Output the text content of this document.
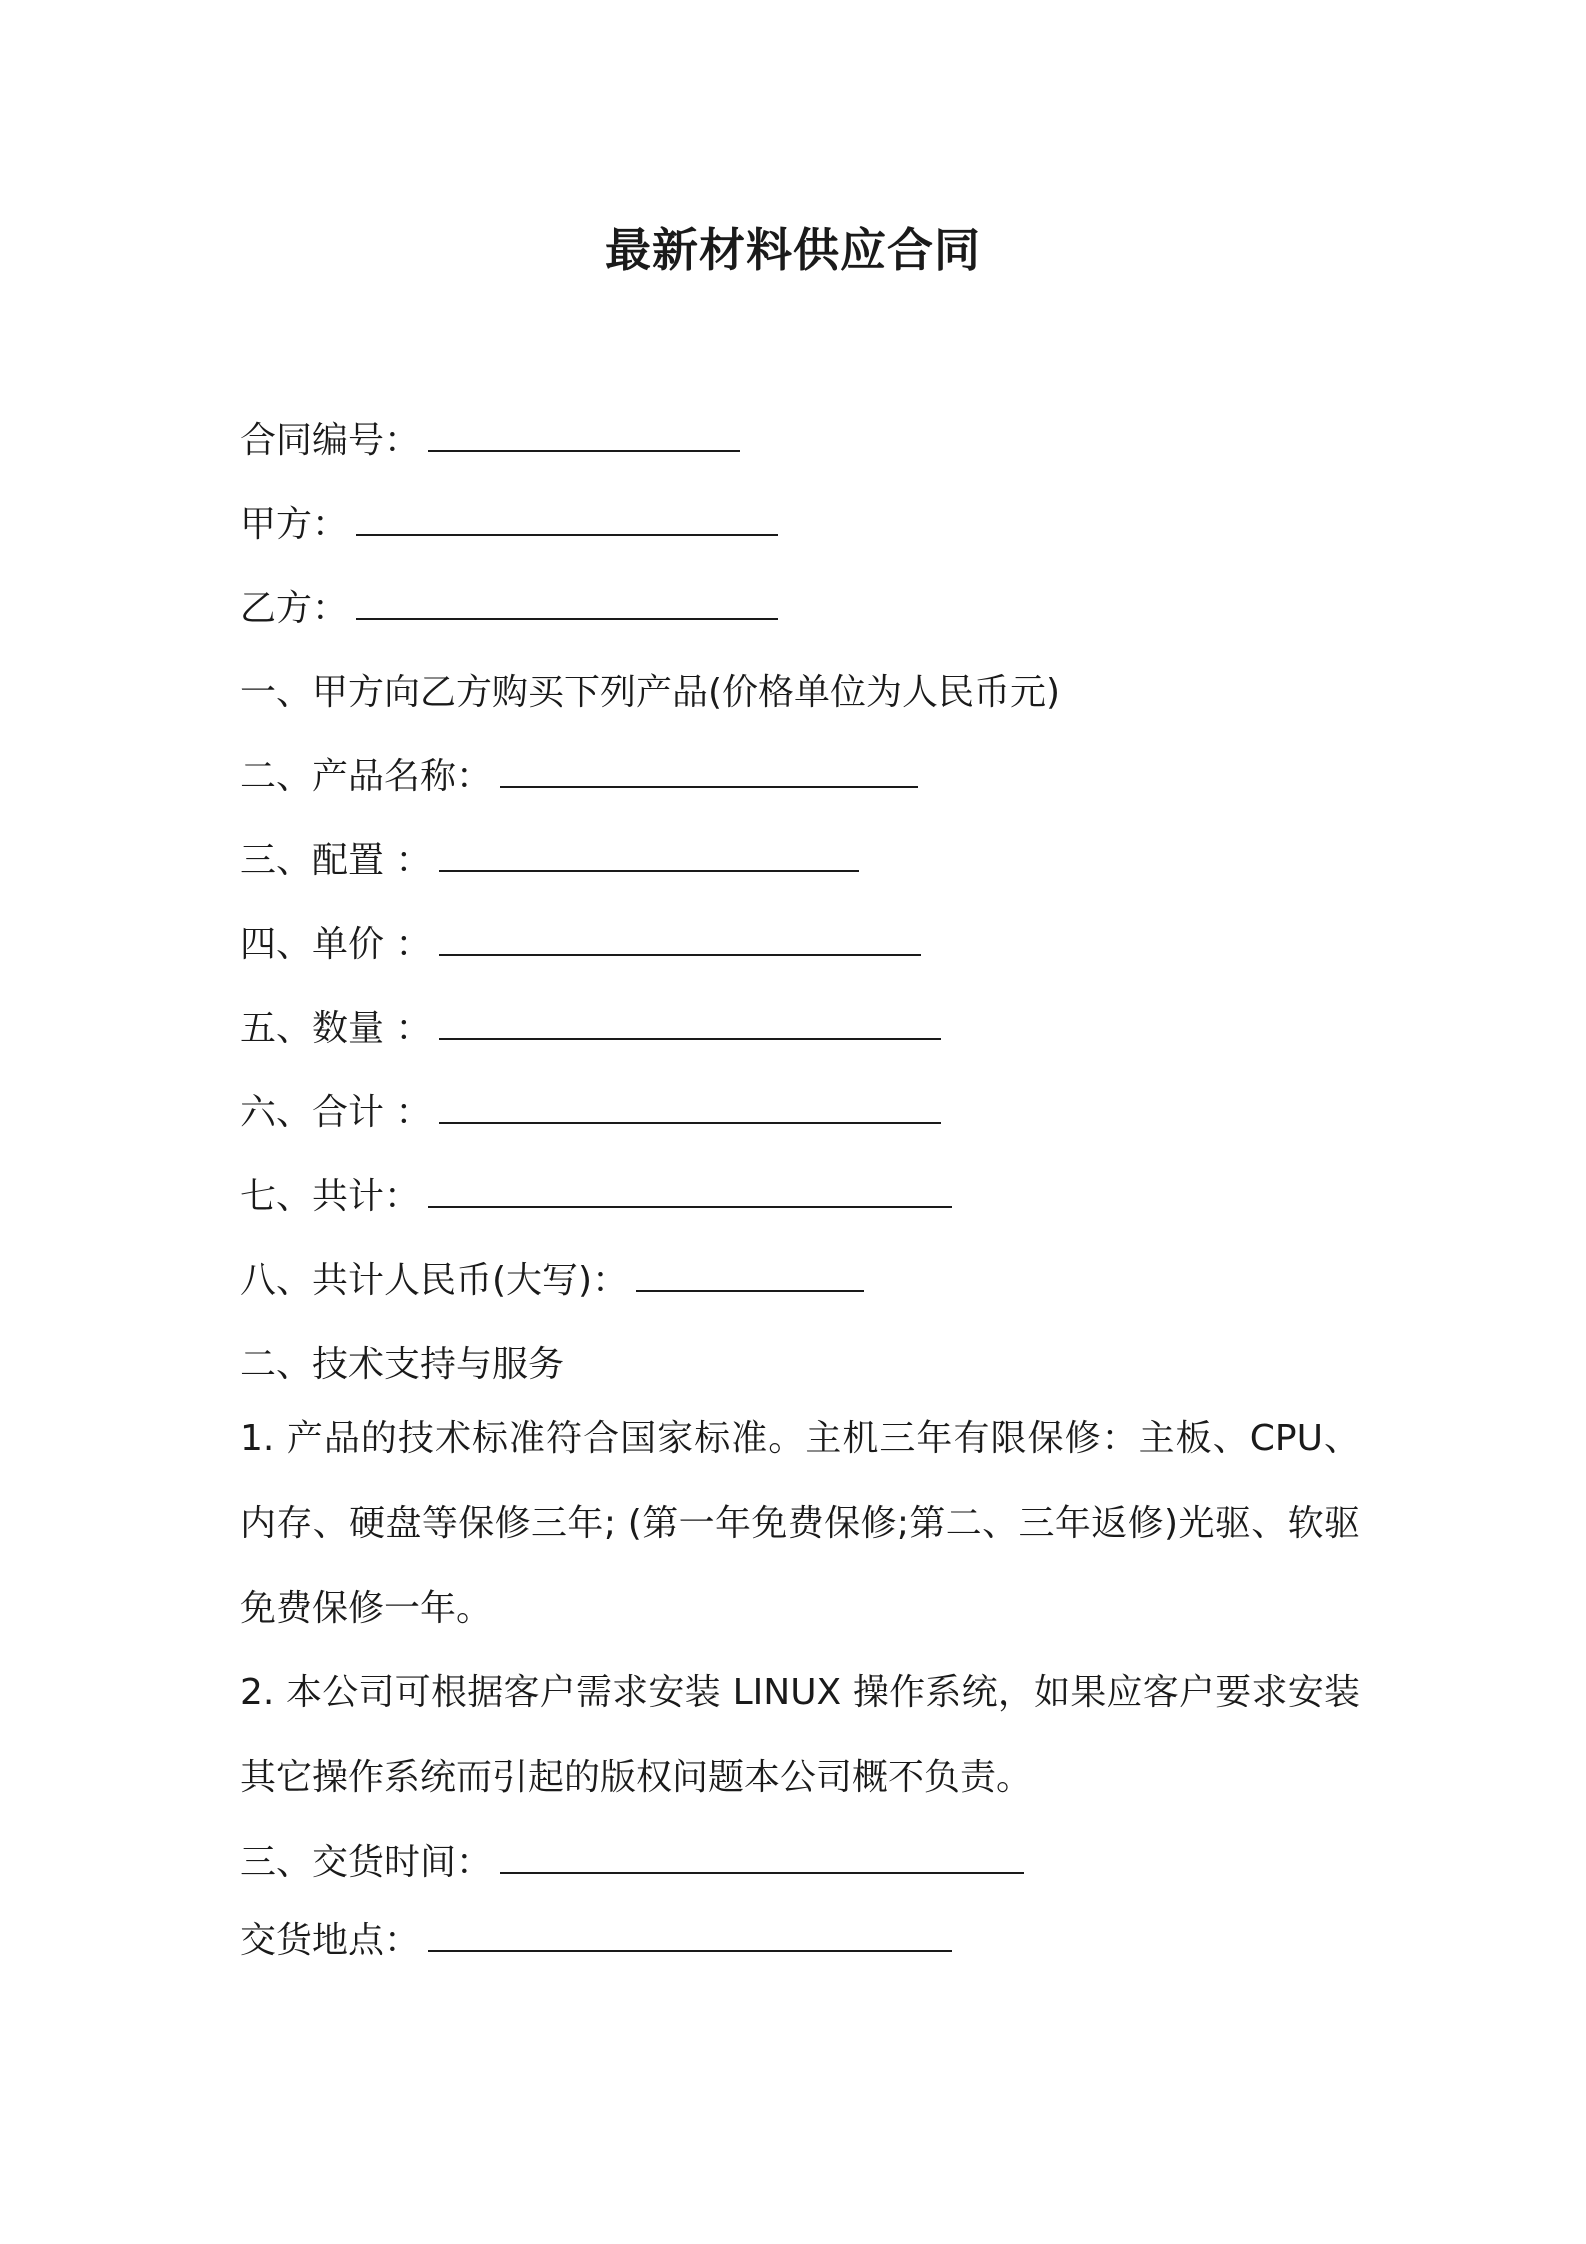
最新材料供应合同

合同编号：

甲方：

乙方：

一、甲方向乙方购买下列产品(价格单位为人民币元)

二、产品名称：

三、配置 ：

四、单价 ：

五、数量 ：

六、合计 ：

七、共计：

八、共计人民币(大写)：

二、技术支持与服务

1. 产品的技术标准符合国家标准。主机三年有限保修：主板、CPU、内存、硬盘等保修三年; (第一年免费保修;第二、三年返修)光驱、软驱免费保修一年。

2. 本公司可根据客户需求安装 LINUX 操作系统，如果应客户要求安装其它操作系统而引起的版权问题本公司概不负责。

三、交货时间：

交货地点：
